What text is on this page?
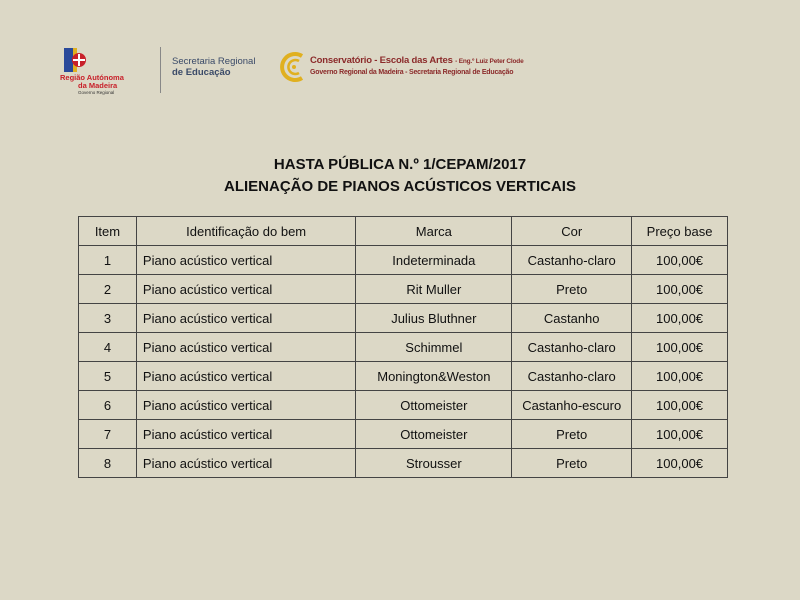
Região Autónoma
da Madeira
Governo Regional
Secretaria Regional
de Educação
Conservatório - Escola das Artes - Eng.º Luiz Peter Clode
Governo Regional da Madeira - Secretaria Regional de Educação
HASTA PÚBLICA N.º 1/CEPAM/2017
ALIENAÇÃO DE PIANOS ACÚSTICOS VERTICAIS
Item	Identificação do bem	Marca	Cor	Preço base
1	Piano acústico vertical	Indeterminada	Castanho-claro	100,00€
2	Piano acústico vertical	Rit Muller	Preto	100,00€
3	Piano acústico vertical	Julius Bluthner	Castanho	100,00€
4	Piano acústico vertical	Schimmel	Castanho-claro	100,00€
5	Piano acústico vertical	Monington&Weston	Castanho-claro	100,00€
6	Piano acústico vertical	Ottomeister	Castanho-escuro	100,00€
7	Piano acústico vertical	Ottomeister	Preto	100,00€
8	Piano acústico vertical	Strousser	Preto	100,00€
